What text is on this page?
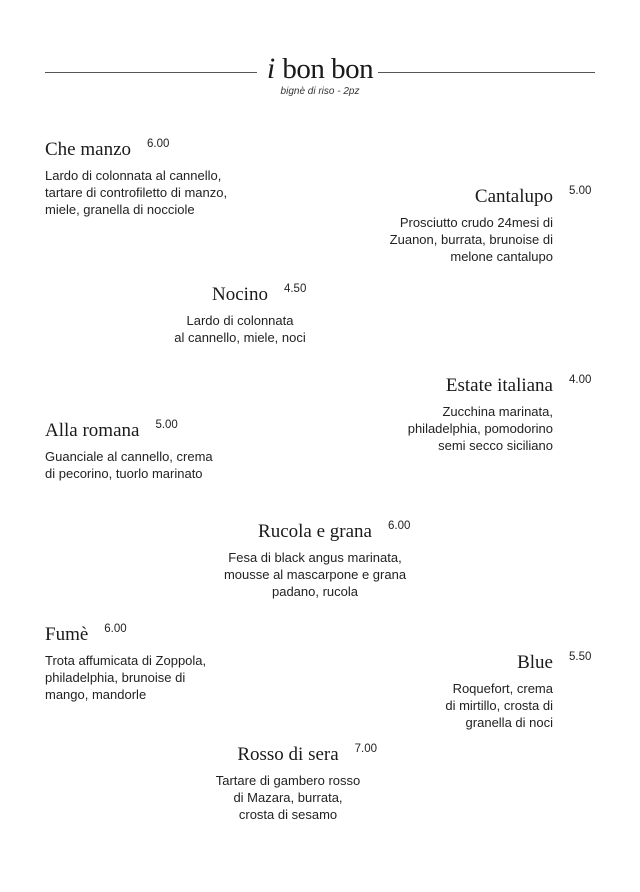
i bon bon
bignè di riso - 2pz
Che manzo 6.00
Lardo di colonnata al cannello,
tartare di controfiletto di manzo,
miele, granella di nocciole
Cantalupo 5.00
Prosciutto crudo 24mesi di
Zuanon, burrata, brunoise di
melone cantalupo
Nocino 4.50
Lardo di colonnata
al cannello, miele, noci
Estate italiana 4.00
Zucchina marinata,
philadelphia, pomodorino
semi secco siciliano
Alla romana 5.00
Guanciale al cannello, crema
di pecorino, tuorlo marinato
Rucola e grana 6.00
Fesa di black angus marinata,
mousse al mascarpone e grana
padano, rucola
Fumè 6.00
Trota affumicata di Zoppola,
philadelphia, brunoise di
mango, mandorle
Blue 5.50
Roquefort, crema
di mirtillo, crosta di
granella di noci
Rosso di sera 7.00
Tartare di gambero rosso
di Mazara, burrata,
crosta di sesamo
